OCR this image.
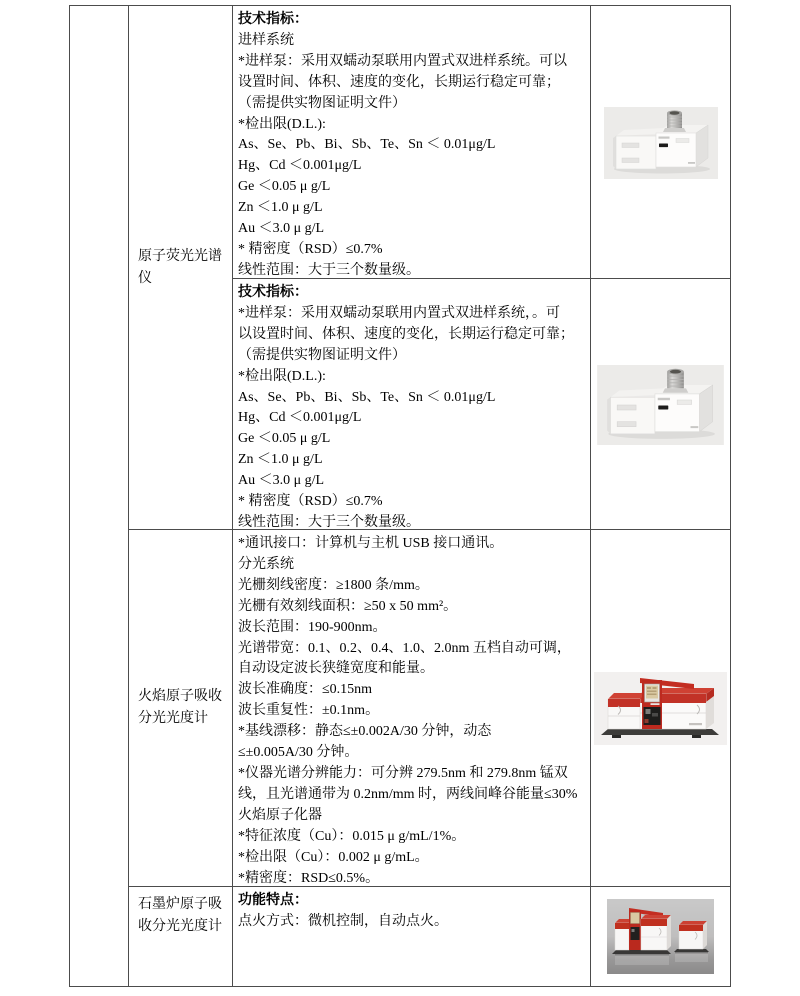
原子荧光光谱仪
火焰原子吸收分光光度计
石墨炉原子吸收分光光度计
技术指标：
进样系统
*进样泵：采用双蠕动泵联用内置式双进样系统。可以
设置时间、体积、速度的变化，长期运行稳定可靠；
（需提供实物图证明文件）
*检出限(D.L.):
As、Se、Pb、Bi、Sb、Te、Sn ＜ 0.01μg/L
Hg、Cd ＜0.001μg/L
Ge ＜0.05 μ g/L
Zn ＜1.0 μ g/L
Au ＜3.0 μ g/L
* 精密度（RSD）≤0.7%
线性范围：大于三个数量级。
技术指标：
*进样泵：采用双蠕动泵联用内置式双进样系统，。可
以设置时间、体积、速度的变化，长期运行稳定可靠；
（需提供实物图证明文件）
*检出限(D.L.):
As、Se、Pb、Bi、Sb、Te、Sn ＜ 0.01μg/L
Hg、Cd ＜0.001μg/L
Ge ＜0.05 μ g/L
Zn ＜1.0 μ g/L
Au ＜3.0 μ g/L
* 精密度（RSD）≤0.7%
线性范围：大于三个数量级。
*通讯接口：计算机与主机 USB 接口通讯。
分光系统
光栅刻线密度：≥1800 条/mm。
光栅有效刻线面积：≥50 x 50 mm²。
波长范围：190-900nm。
光谱带宽：0.1、0.2、0.4、1.0、2.0nm 五档自动可调，
自动设定波长狭缝宽度和能量。
波长准确度：≤0.15nm
波长重复性：±0.1nm。
*基线漂移：静态≤±0.002A/30 分钟，动态
≤±0.005A/30 分钟。
*仪器光谱分辨能力：可分辨 279.5nm 和 279.8nm 锰双
线，且光谱通带为 0.2nm/mm 时，两线间峰谷能量≤30%
火焰原子化器
*特征浓度（Cu）：0.015 μ g/mL/1%。
*检出限（Cu）：0.002 μ g/mL。
*精密度：RSD≤0.5%。
功能特点：
点火方式：微机控制，自动点火。
